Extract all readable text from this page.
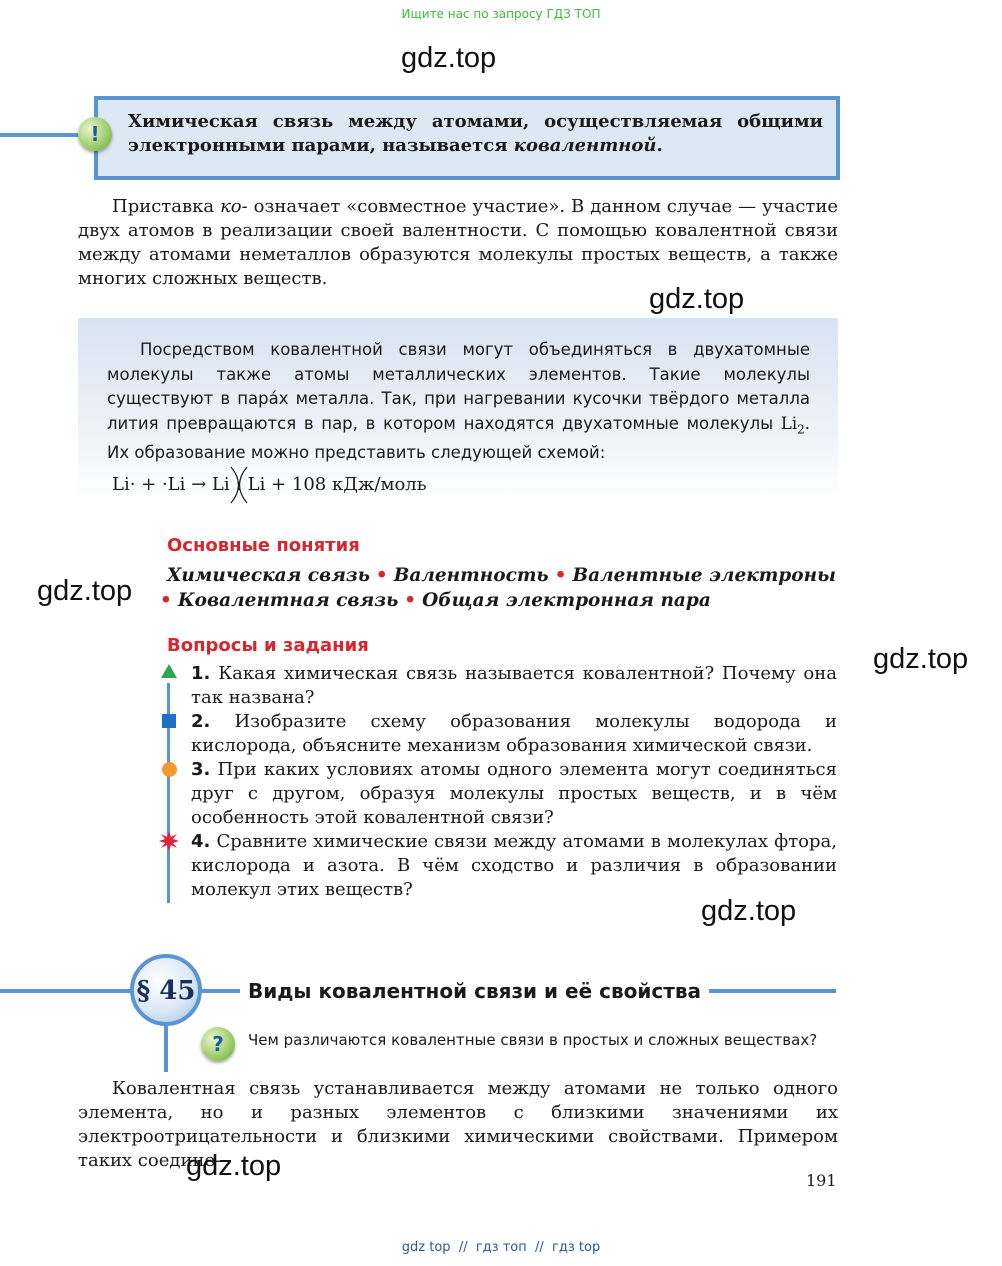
Ищите нас по запросу ГДЗ ТОП
gdz.top
!
Химическая связь между атомами, осуществляемая общими электронными парами, называется ковалентной.
Приставка ко- означает «совместное участие». В данном случае — участие двух атомов в реализации своей валентности. С помощью ковалентной связи между атомами неметаллов образуются молекулы простых веществ, а также многих сложных веществ.
gdz.top
Посредством ковалентной связи могут объединяться в двухатомные молекулы также атомы металлических элементов. Такие молекулы существуют в пара́х металла. Так, при нагревании кусочки твёрдого металла лития превращаются в пар, в котором находятся двухатомные молекулы $Li_2$. Их образование можно представить следующей схемой:
Li· + ·Li → Li : Li + 108 кДж/моль
Основные понятия
Химическая связь • Валентность • Валентные электроны
• Ковалентная связь • Общая электронная пара
gdz.top
Вопросы и задания
1. Какая химическая связь называется ковалентной? Почему она так названа?
2. Изобразите схему образования молекулы водорода и кислорода, объясните механизм образования химической связи.
3. При каких условиях атомы одного элемента могут соединяться друг с другом, образуя молекулы простых веществ, и в чём особенность этой ковалентной связи?
4. Сравните химические связи между атомами в молекулах фтора, кислорода и азота. В чём сходство и различия в образовании молекул этих веществ?
gdz.top
gdz.top
§ 45	Виды ковалентной связи и её свойства
?	Чем различаются ковалентные связи в простых и сложных веществах?
Ковалентная связь устанавливается между атомами не только одного элемента, но и разных элементов с близкими значениями их электроотрицательности и близкими химическими свойствами. Примером таких соедине-
gdz.top	191
gdz top  //  гдз топ  //  гдз top
